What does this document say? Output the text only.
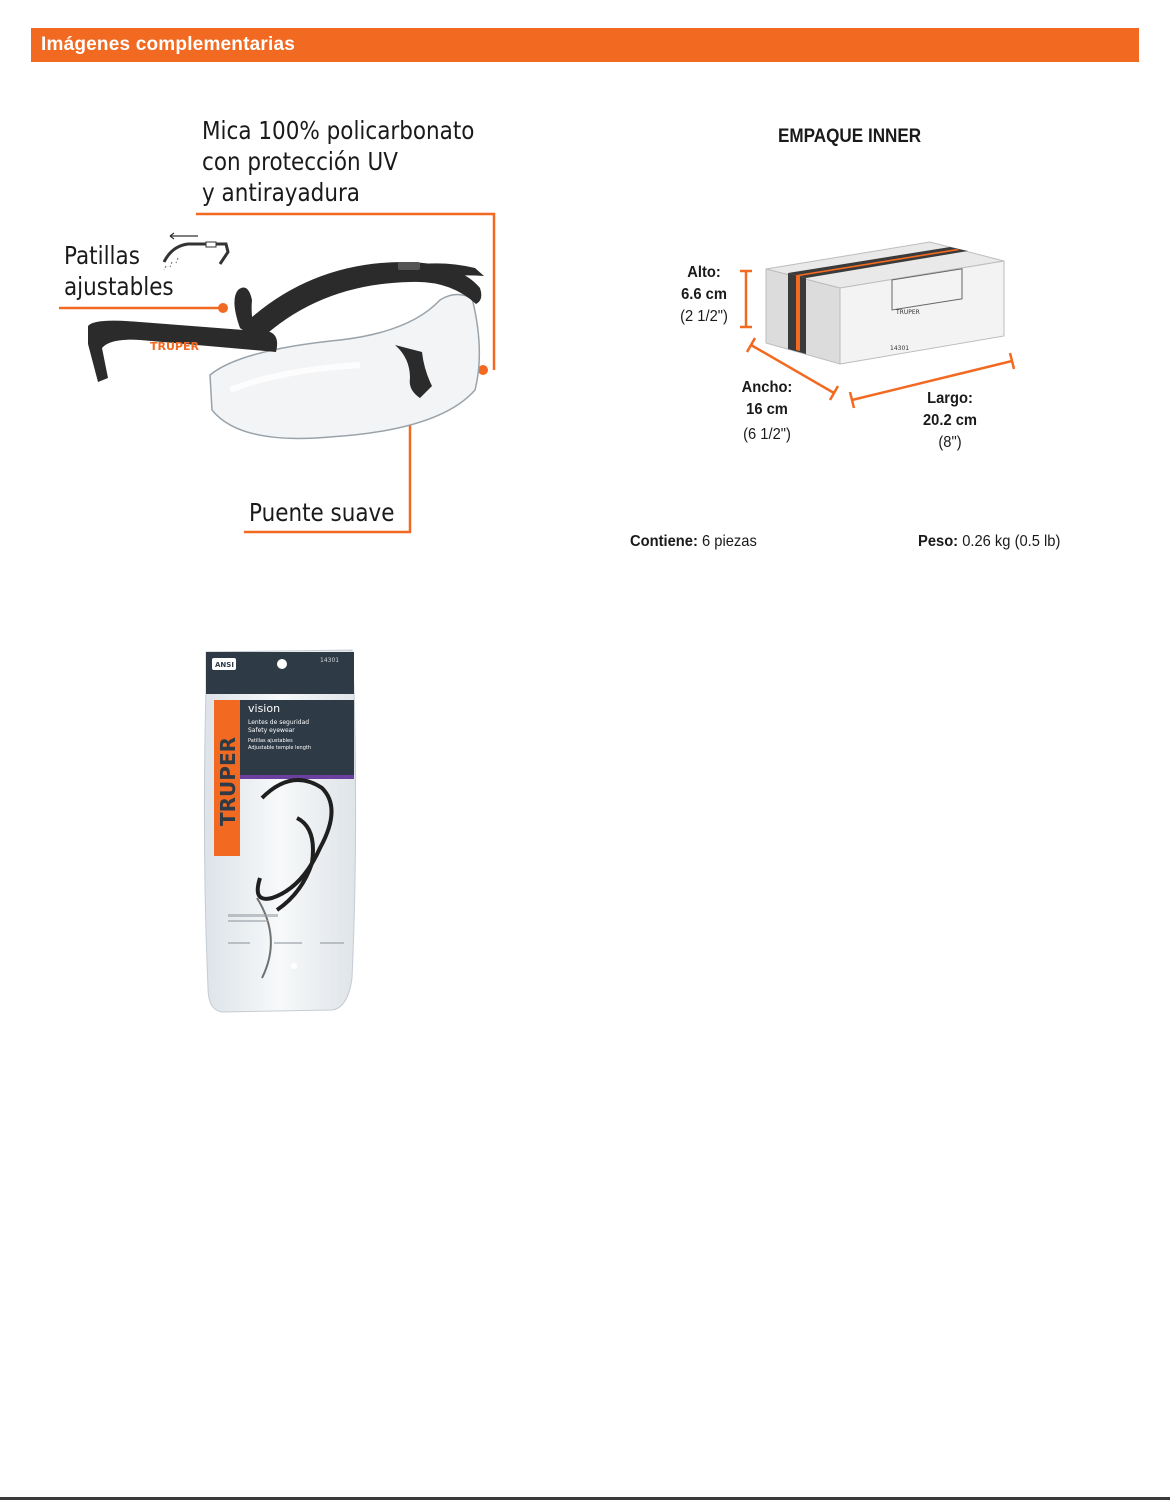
Imágenes complementarias
Mica 100% policarbonato
con protección UV
y antirayadura
Patillas
ajustables
Puente suave
TRUPER
EMPAQUE INNER
TRUPER
14301
Alto:
6.6 cm
(2 1/2")
Ancho:
16 cm
(6 1/2")
Largo:
20.2 cm
(8")
Contiene: 6 piezas	Peso: 0.26 kg (0.5 lb)
ANSI
14301
TRUPER
vision
Lentes de seguridad
Safety eyewear
Patillas ajustables
Adjustable temple length
